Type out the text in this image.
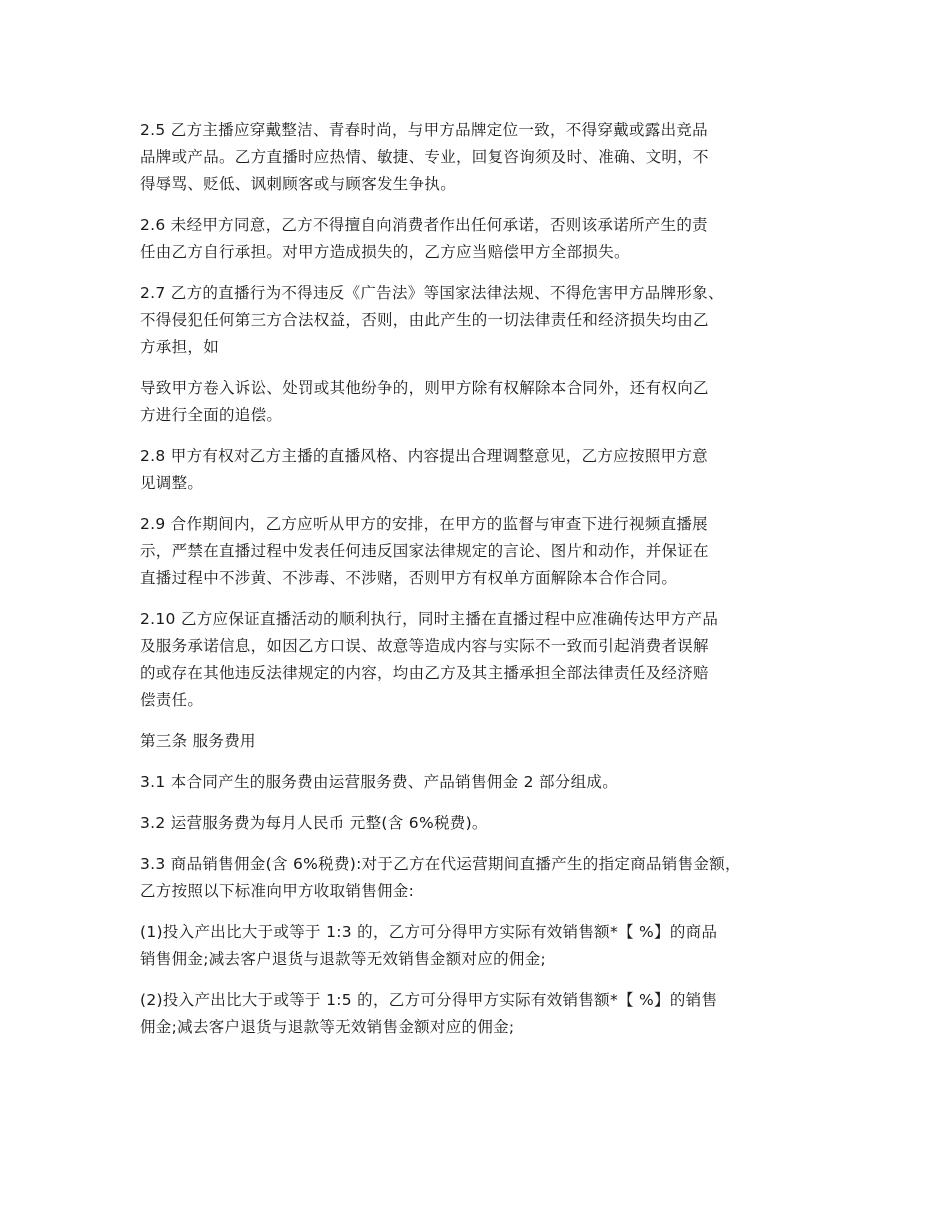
2.5 乙方主播应穿戴整洁、青春时尚，与甲方品牌定位一致，不得穿戴或露出竞品
品牌或产品。乙方直播时应热情、敏捷、专业，回复咨询须及时、准确、文明，不
得辱骂、贬低、讽刺顾客或与顾客发生争执。

2.6 未经甲方同意，乙方不得擅自向消费者作出任何承诺，否则该承诺所产生的责
任由乙方自行承担。对甲方造成损失的，乙方应当赔偿甲方全部损失。

2.7 乙方的直播行为不得违反《广告法》等国家法律法规、不得危害甲方品牌形象、
不得侵犯任何第三方合法权益，否则，由此产生的一切法律责任和经济损失均由乙
方承担，如

导致甲方卷入诉讼、处罚或其他纷争的，则甲方除有权解除本合同外，还有权向乙
方进行全面的追偿。

2.8 甲方有权对乙方主播的直播风格、内容提出合理调整意见，乙方应按照甲方意
见调整。

2.9 合作期间内，乙方应听从甲方的安排，在甲方的监督与审查下进行视频直播展
示，严禁在直播过程中发表任何违反国家法律规定的言论、图片和动作，并保证在
直播过程中不涉黄、不涉毒、不涉赌，否则甲方有权单方面解除本合作合同。

2.10 乙方应保证直播活动的顺利执行，同时主播在直播过程中应准确传达甲方产品
及服务承诺信息，如因乙方口误、故意等造成内容与实际不一致而引起消费者误解
的或存在其他违反法律规定的内容，均由乙方及其主播承担全部法律责任及经济赔
偿责任。

第三条 服务费用

3.1 本合同产生的服务费由运营服务费、产品销售佣金 2 部分组成。

3.2 运营服务费为每月人民币 元整(含 6%税费)。

3.3 商品销售佣金(含 6%税费):对于乙方在代运营期间直播产生的指定商品销售金额，
乙方按照以下标准向甲方收取销售佣金:

(1)投入产出比大于或等于 1:3 的，乙方可分得甲方实际有效销售额*【 %】的商品
销售佣金;减去客户退货与退款等无效销售金额对应的佣金;

(2)投入产出比大于或等于 1:5 的，乙方可分得甲方实际有效销售额*【 %】的销售
佣金;减去客户退货与退款等无效销售金额对应的佣金;
